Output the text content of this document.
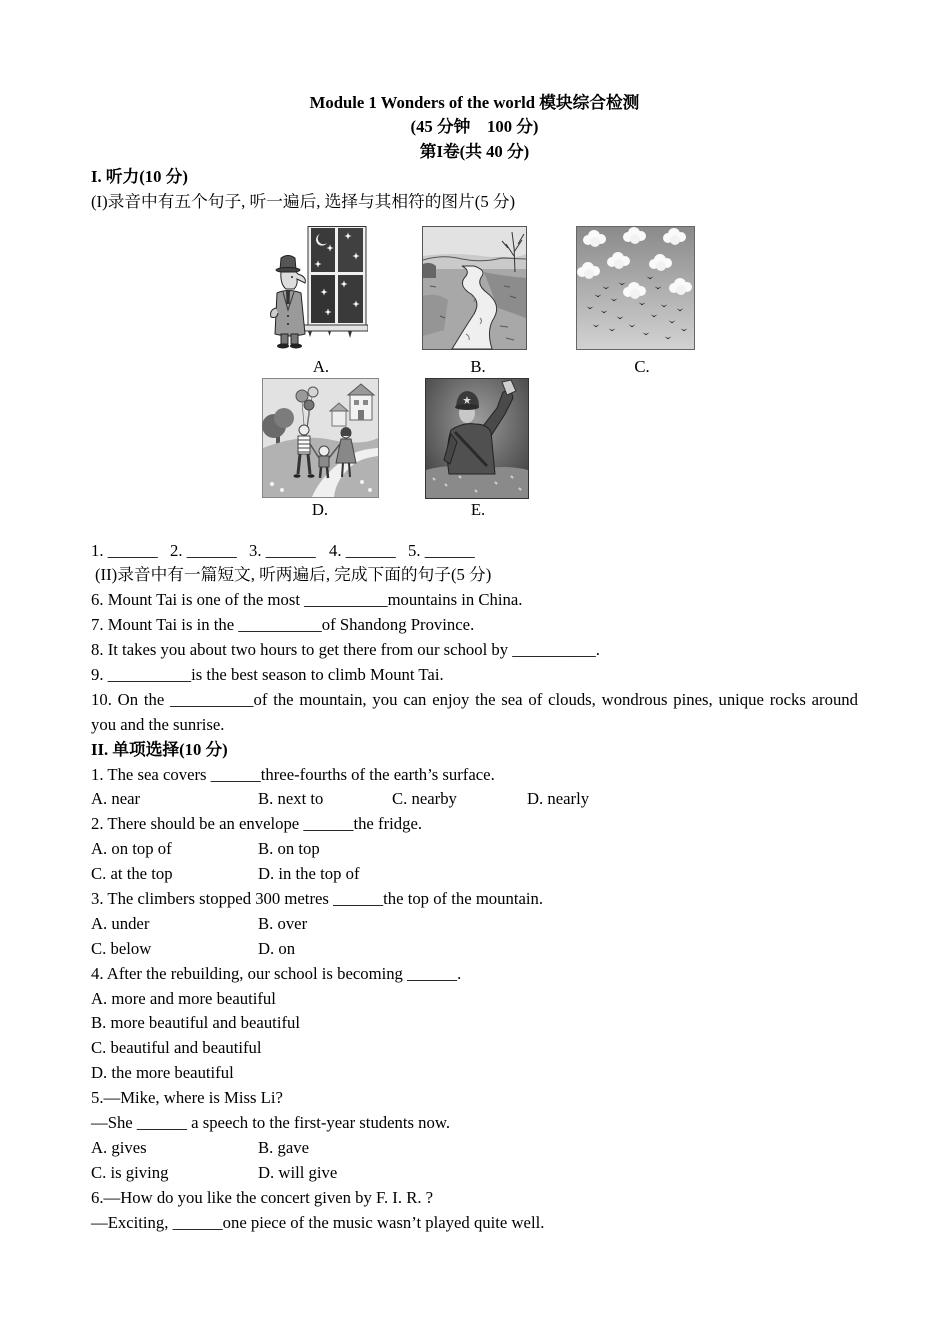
Module 1 Wonders of the world 模块综合检测
(45 分钟　100 分)
第I卷(共 40 分)
I. 听力(10 分)
(I)录音中有五个句子, 听一遍后, 选择与其相符的图片(5 分)
A.	B.	C.
D.	E.
1. ______ 2. ______ 3. ______ 4. ______ 5. ______
(II)录音中有一篇短文, 听两遍后, 完成下面的句子(5 分)
6. Mount Tai is one of the most __________mountains in China.
7. Mount Tai is in the __________of Shandong Province.
8. It takes you about two hours to get there from our school by __________.
9. __________is the best season to climb Mount Tai.
10. On the __________of the mountain, you can enjoy the sea of clouds, wondrous pines, unique rocks around
you and the sunrise.
II. 单项选择(10 分)
1. The sea covers ______three-fourths of the earth’s surface.
A. near	B. next to	C. nearby	D. nearly
2. There should be an envelope ______the fridge.
A. on top of	B. on top
C. at the top	D. in the top of
3. The climbers stopped 300 metres ______the top of the mountain.
A. under	B. over
C. below	D. on
4. After the rebuilding, our school is becoming ______.
A. more and more beautiful
B. more beautiful and beautiful
C. beautiful and beautiful
D. the more beautiful
5.—Mike, where is Miss Li?
—She ______ a speech to the first-year students now.
A. gives	B. gave
C. is giving	D. will give
6.—How do you like the concert given by F. I. R. ?
—Exciting, ______one piece of the music wasn’t played quite well.
